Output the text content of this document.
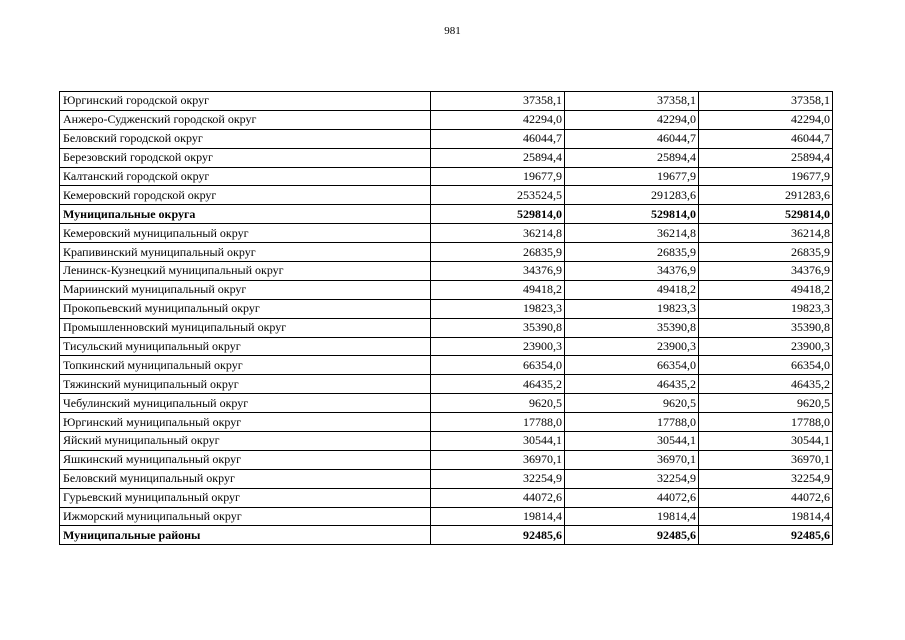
981
Юргинский городской округ	37358,1	37358,1	37358,1
Анжеро-Судженский городской округ	42294,0	42294,0	42294,0
Беловский городской округ	46044,7	46044,7	46044,7
Березовский городской округ	25894,4	25894,4	25894,4
Калтанский городской округ	19677,9	19677,9	19677,9
Кемеровский городской округ	253524,5	291283,6	291283,6
Муниципальные округа	529814,0	529814,0	529814,0
Кемеровский муниципальный округ	36214,8	36214,8	36214,8
Крапивинский муниципальный округ	26835,9	26835,9	26835,9
Ленинск-Кузнецкий муниципальный округ	34376,9	34376,9	34376,9
Мариинский муниципальный округ	49418,2	49418,2	49418,2
Прокопьевский муниципальный округ	19823,3	19823,3	19823,3
Промышленновский муниципальный округ	35390,8	35390,8	35390,8
Тисульский муниципальный округ	23900,3	23900,3	23900,3
Топкинский муниципальный округ	66354,0	66354,0	66354,0
Тяжинский муниципальный округ	46435,2	46435,2	46435,2
Чебулинский муниципальный округ	9620,5	9620,5	9620,5
Юргинский муниципальный округ	17788,0	17788,0	17788,0
Яйский муниципальный округ	30544,1	30544,1	30544,1
Яшкинский муниципальный округ	36970,1	36970,1	36970,1
Беловский муниципальный округ	32254,9	32254,9	32254,9
Гурьевский муниципальный округ	44072,6	44072,6	44072,6
Ижморский муниципальный округ	19814,4	19814,4	19814,4
Муниципальные районы	92485,6	92485,6	92485,6
